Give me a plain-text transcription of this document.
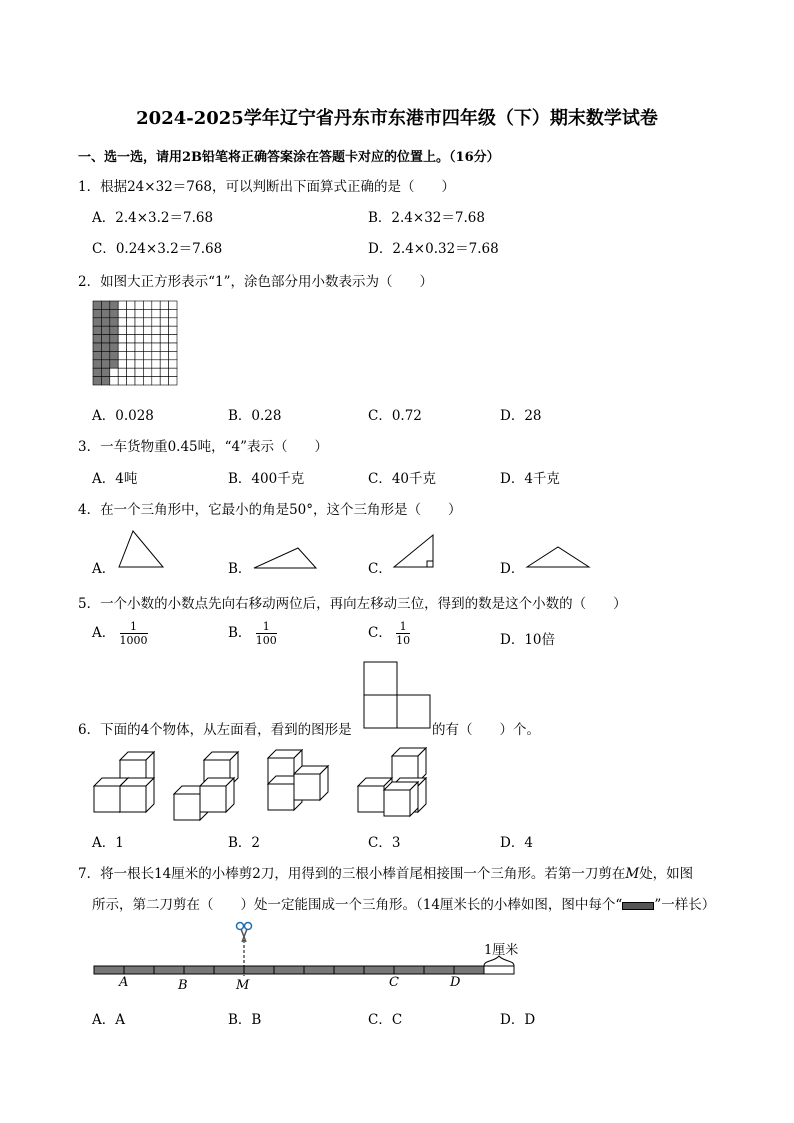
2024-2025学年辽宁省丹东市东港市四年级（下）期末数学试卷
一、选一选，请用2B铅笔将正确答案涂在答题卡对应的位置上。（16分）
1．根据24×32＝768，可以判断出下面算式正确的是（　　）
A．2.4×3.2＝7.68	B．2.4×32＝7.68
C．0.24×3.2＝7.68	D．2.4×0.32＝7.68
2．如图大正方形表示“1”，涂色部分用小数表示为（　　）
A．0.028	B．0.28	C．0.72	D．28
3．一车货物重0.45吨，“4”表示（　　）
A．4吨	B．400千克	C．40千克	D．4千克
4．在一个三角形中，它最小的角是50°，这个三角形是（　　）
A．	B．	C．	D．
5．一个小数的小数点先向右移动两位后，再向左移动三位，得到的数是这个小数的（　　）
A． $\frac{1}{1000}$	B． $\frac{1}{100}$	C． $\frac{1}{10}$	D．10倍
6．下面的4个物体，从左面看，看到的图形是	的有（　　）个。
A．1	B．2	C．3	D．4
7．将一根长14厘米的小棒剪2刀，用得到的三根小棒首尾相接围一个三角形。若第一刀剪在M处，如图
所示，第二刀剪在（　　）处一定能围成一个三角形。（14厘米长的小棒如图，图中每个“ ”一样长）
1厘米
A	B	M	C	D
A．A	B．B	C．C	D．D
